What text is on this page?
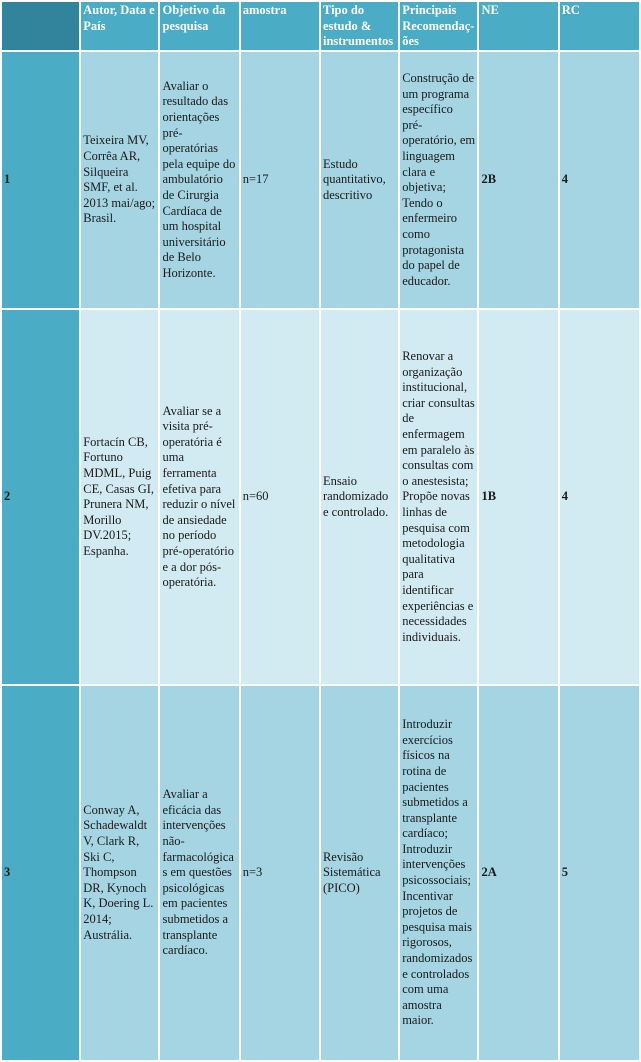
	Autor, Data e País	Objetivo da pesquisa	amostra	Tipo do estudo & instrumentos	Principais Recomendações	NE	RC
1	Teixeira MV, Corrêa AR, Silqueira SMF, et al. 2013 mai/ago; Brasil.	Avaliar o resultado das orientações pré-operatórias pela equipe do ambulatório de Cirurgia Cardíaca de um hospital universitário de Belo Horizonte.	n=17	Estudo quantitativo, descritivo	Construção de um programa específico pré-operatório, em linguagem clara e objetiva; Tendo o enfermeiro como protagonista do papel de educador.	2B	4
2	Fortacín CB, Fortuno MDML, Puig CE, Casas GI, Prunera NM, Morillo DV.2015; Espanha.	Avaliar se a visita pré-operatória é uma ferramenta efetiva para reduzir o nível de ansiedade no período pré-operatório e a dor pós-operatória.	n=60	Ensaio randomizado e controlado.	Renovar a organização institucional, criar consultas de enfermagem em paralelo às consultas com o anestesista; Propõe novas linhas de pesquisa com metodologia qualitativa para identificar experiências e necessidades individuais.	1B	4
3	Conway A, Schadewaldt V, Clark R, Ski C, Thompson DR, Kynoch K, Doering L. 2014; Austrália.	Avaliar a eficácia das intervenções não-farmacológicas em questões psicológicas em pacientes submetidos a transplante cardíaco.	n=3	Revisão Sistemática (PICO)	Introduzir exercícios físicos na rotina de pacientes submetidos a transplante cardíaco; Introduzir intervenções psicossociais; Incentivar projetos de pesquisa mais rigorosos, randomizados e controlados com uma amostra maior.	2A	5
